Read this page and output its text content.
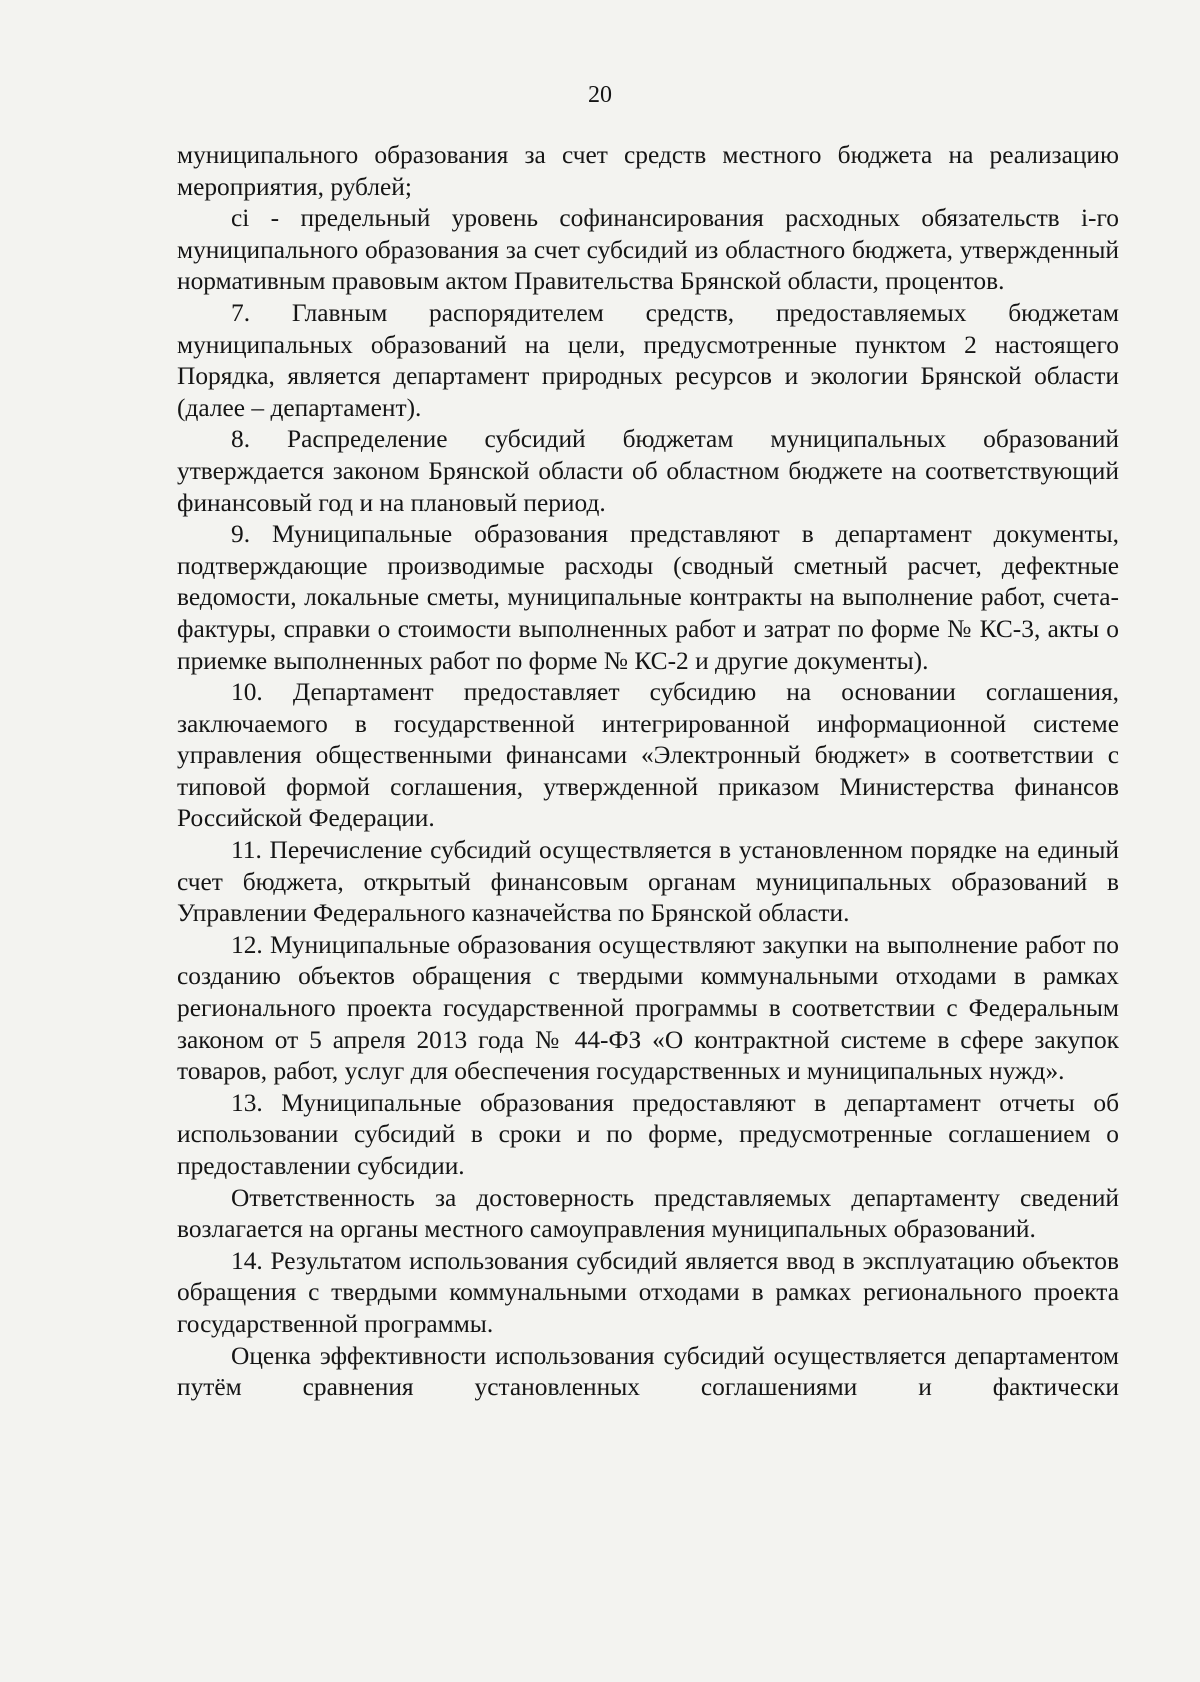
20

муниципального образования за счет средств местного бюджета на реализацию мероприятия, рублей;

ci - предельный уровень софинансирования расходных обязательств i-го муниципального образования за счет субсидий из областного бюджета, утвержденный нормативным правовым актом Правительства Брянской области, процентов.

7. Главным распорядителем средств, предоставляемых бюджетам муниципальных образований на цели, предусмотренные пунктом 2 настоящего Порядка, является департамент природных ресурсов и экологии Брянской области (далее – департамент).

8. Распределение субсидий бюджетам муниципальных образований утверждается законом Брянской области об областном бюджете на соответствующий финансовый год и на плановый период.

9. Муниципальные образования представляют в департамент документы, подтверждающие производимые расходы (сводный сметный расчет, дефектные ведомости, локальные сметы, муниципальные контракты на выполнение работ, счета-фактуры, справки о стоимости выполненных работ и затрат по форме № КС-3, акты о приемке выполненных работ по форме № КС-2 и другие документы).

10. Департамент предоставляет субсидию на основании соглашения, заключаемого в государственной интегрированной информационной системе управления общественными финансами «Электронный бюджет» в соответствии с типовой формой соглашения, утвержденной приказом Министерства финансов Российской Федерации.

11. Перечисление субсидий осуществляется в установленном порядке на единый счет бюджета, открытый финансовым органам муниципальных образований в Управлении Федерального казначейства по Брянской области.

12. Муниципальные образования осуществляют закупки на выполнение работ по созданию объектов обращения с твердыми коммунальными отходами в рамках регионального проекта государственной программы в соответствии с Федеральным законом от 5 апреля 2013 года № 44-ФЗ «О контрактной системе в сфере закупок товаров, работ, услуг для обеспечения государственных и муниципальных нужд».

13. Муниципальные образования предоставляют в департамент отчеты об использовании субсидий в сроки и по форме, предусмотренные соглашением о предоставлении субсидии.

Ответственность за достоверность представляемых департаменту сведений возлагается на органы местного самоуправления муниципальных образований.

14. Результатом использования субсидий является ввод в эксплуатацию объектов обращения с твердыми коммунальными отходами в рамках регионального проекта государственной программы.

Оценка эффективности использования субсидий осуществляется департаментом путём сравнения установленных соглашениями и фактически
